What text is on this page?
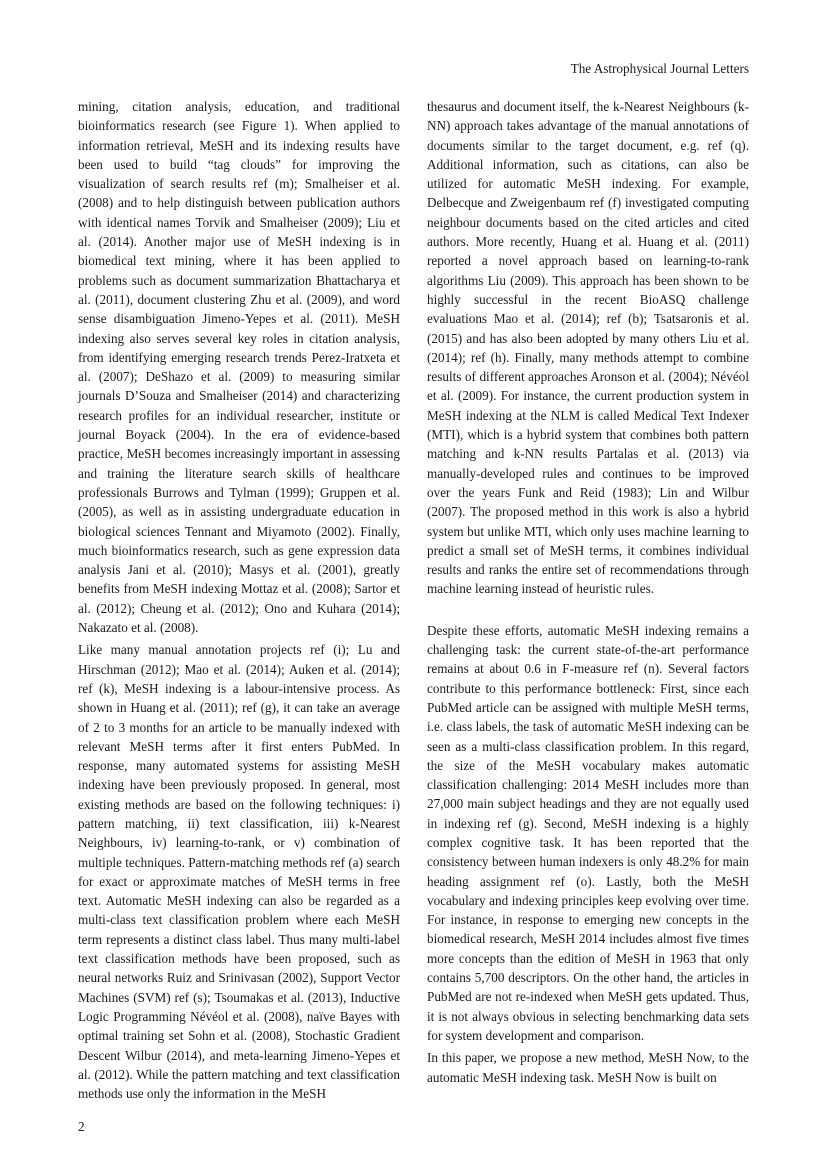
The Astrophysical Journal Letters

mining, citation analysis, education, and traditional bioinformatics research (see Figure 1). When applied to information retrieval, MeSH and its indexing results have been used to build “tag clouds” for improving the visualization of search results ref (m); Smalheiser et al. (2008) and to help distinguish between publication authors with identical names Torvik and Smalheiser (2009); Liu et al. (2014). Another major use of MeSH indexing is in biomedical text mining, where it has been applied to problems such as document summarization Bhattacharya et al. (2011), document clustering Zhu et al. (2009), and word sense disambiguation Jimeno-Yepes et al. (2011). MeSH indexing also serves several key roles in citation analysis, from identifying emerging research trends Perez-Iratxeta et al. (2007); DeShazo et al. (2009) to measuring similar journals D’Souza and Smalheiser (2014) and characterizing research profiles for an individual researcher, institute or journal Boyack (2004). In the era of evidence-based practice, MeSH becomes increasingly important in assessing and training the literature search skills of healthcare professionals Burrows and Tylman (1999); Gruppen et al. (2005), as well as in assisting undergraduate education in biological sciences Tennant and Miyamoto (2002). Finally, much bioinformatics research, such as gene expression data analysis Jani et al. (2010); Masys et al. (2001), greatly benefits from MeSH indexing Mottaz et al. (2008); Sartor et al. (2012); Cheung et al. (2012); Ono and Kuhara (2014); Nakazato et al. (2008).

Like many manual annotation projects ref (i); Lu and Hirschman (2012); Mao et al. (2014); Auken et al. (2014); ref (k), MeSH indexing is a labour-intensive process. As shown in Huang et al. (2011); ref (g), it can take an average of 2 to 3 months for an article to be manually indexed with relevant MeSH terms after it first enters PubMed. In response, many automated systems for assisting MeSH indexing have been previously proposed. In general, most existing methods are based on the following techniques: i) pattern matching, ii) text classification, iii) k-Nearest Neighbours, iv) learning-to-rank, or v) combination of multiple techniques. Pattern-matching methods ref (a) search for exact or approximate matches of MeSH terms in free text. Automatic MeSH indexing can also be regarded as a multi-class text classification problem where each MeSH term represents a distinct class label. Thus many multi-label text classification methods have been proposed, such as neural networks Ruiz and Srinivasan (2002), Support Vector Machines (SVM) ref (s); Tsoumakas et al. (2013), Inductive Logic Programming Névéol et al. (2008), naïve Bayes with optimal training set Sohn et al. (2008), Stochastic Gradient Descent Wilbur (2014), and meta-learning Jimeno-Yepes et al. (2012). While the pattern matching and text classification methods use only the information in the MeSH

thesaurus and document itself, the k-Nearest Neighbours (k-NN) approach takes advantage of the manual annotations of documents similar to the target document, e.g. ref (q). Additional information, such as citations, can also be utilized for automatic MeSH indexing. For example, Delbecque and Zweigenbaum ref (f) investigated computing neighbour documents based on the cited articles and cited authors. More recently, Huang et al. Huang et al. (2011) reported a novel approach based on learning-to-rank algorithms Liu (2009). This approach has been shown to be highly successful in the recent BioASQ challenge evaluations Mao et al. (2014); ref (b); Tsatsaronis et al. (2015) and has also been adopted by many others Liu et al. (2014); ref (h). Finally, many methods attempt to combine results of different approaches Aronson et al. (2004); Névéol et al. (2009). For instance, the current production system in MeSH indexing at the NLM is called Medical Text Indexer (MTI), which is a hybrid system that combines both pattern matching and k-NN results Partalas et al. (2013) via manually-developed rules and continues to be improved over the years Funk and Reid (1983); Lin and Wilbur (2007). The proposed method in this work is also a hybrid system but unlike MTI, which only uses machine learning to predict a small set of MeSH terms, it combines individual results and ranks the entire set of recommendations through machine learning instead of heuristic rules.

Despite these efforts, automatic MeSH indexing remains a challenging task: the current state-of-the-art performance remains at about 0.6 in F-measure ref (n). Several factors contribute to this performance bottleneck: First, since each PubMed article can be assigned with multiple MeSH terms, i.e. class labels, the task of automatic MeSH indexing can be seen as a multi-class classification problem. In this regard, the size of the MeSH vocabulary makes automatic classification challenging: 2014 MeSH includes more than 27,000 main subject headings and they are not equally used in indexing ref (g). Second, MeSH indexing is a highly complex cognitive task. It has been reported that the consistency between human indexers is only 48.2% for main heading assignment ref (o). Lastly, both the MeSH vocabulary and indexing principles keep evolving over time. For instance, in response to emerging new concepts in the biomedical research, MeSH 2014 includes almost five times more concepts than the edition of MeSH in 1963 that only contains 5,700 descriptors. On the other hand, the articles in PubMed are not re-indexed when MeSH gets updated. Thus, it is not always obvious in selecting benchmarking data sets for system development and comparison.

In this paper, we propose a new method, MeSH Now, to the automatic MeSH indexing task. MeSH Now is built on

2
